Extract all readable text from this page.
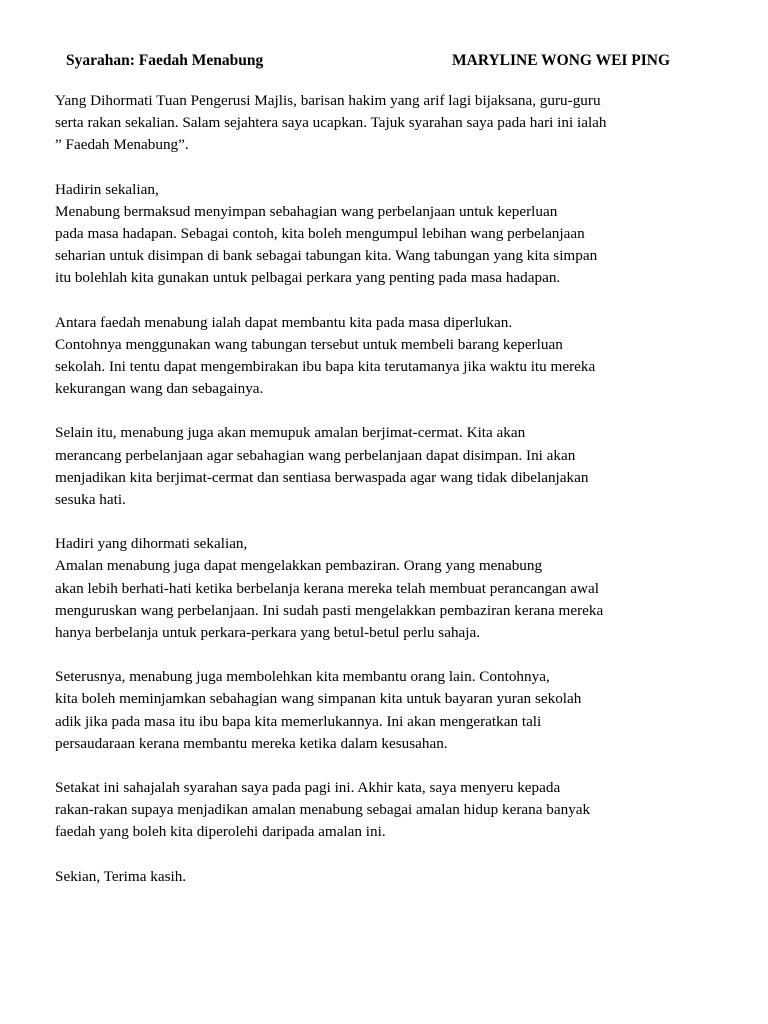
Syarahan: Faedah Menabung	MARYLINE WONG WEI PING

Yang Dihormati Tuan Pengerusi Majlis, barisan hakim yang arif lagi bijaksana, guru-guru
serta rakan sekalian. Salam sejahtera saya ucapkan. Tajuk syarahan saya pada hari ini ialah
” Faedah Menabung”.

Hadirin sekalian,
Menabung bermaksud menyimpan sebahagian wang perbelanjaan untuk keperluan
pada masa hadapan. Sebagai contoh, kita boleh mengumpul lebihan wang perbelanjaan
seharian untuk disimpan di bank sebagai tabungan kita. Wang tabungan yang kita simpan
itu bolehlah kita gunakan untuk pelbagai perkara yang penting pada masa hadapan.

Antara faedah menabung ialah dapat membantu kita pada masa diperlukan.
Contohnya menggunakan wang tabungan tersebut untuk membeli barang keperluan
sekolah. Ini tentu dapat mengembirakan ibu bapa kita terutamanya jika waktu itu mereka
kekurangan wang dan sebagainya.

Selain itu, menabung juga akan memupuk amalan berjimat-cermat. Kita akan
merancang perbelanjaan agar sebahagian wang perbelanjaan dapat disimpan. Ini akan
menjadikan kita berjimat-cermat dan sentiasa berwaspada agar wang tidak dibelanjakan
sesuka hati.

Hadiri yang dihormati sekalian,
Amalan menabung juga dapat mengelakkan pembaziran. Orang yang menabung
akan lebih berhati-hati ketika berbelanja kerana mereka telah membuat perancangan awal
menguruskan wang perbelanjaan. Ini sudah pasti mengelakkan pembaziran kerana mereka
hanya berbelanja untuk perkara-perkara yang betul-betul perlu sahaja.

Seterusnya, menabung juga membolehkan kita membantu orang lain. Contohnya,
kita boleh meminjamkan sebahagian wang simpanan kita untuk bayaran yuran sekolah
adik jika pada masa itu ibu bapa kita memerlukannya. Ini akan mengeratkan tali
persaudaraan kerana membantu mereka ketika dalam kesusahan.

Setakat ini sahajalah syarahan saya pada pagi ini. Akhir kata, saya menyeru kepada
rakan-rakan supaya menjadikan amalan menabung sebagai amalan hidup kerana banyak
faedah yang boleh kita diperolehi daripada amalan ini.

Sekian, Terima kasih.
